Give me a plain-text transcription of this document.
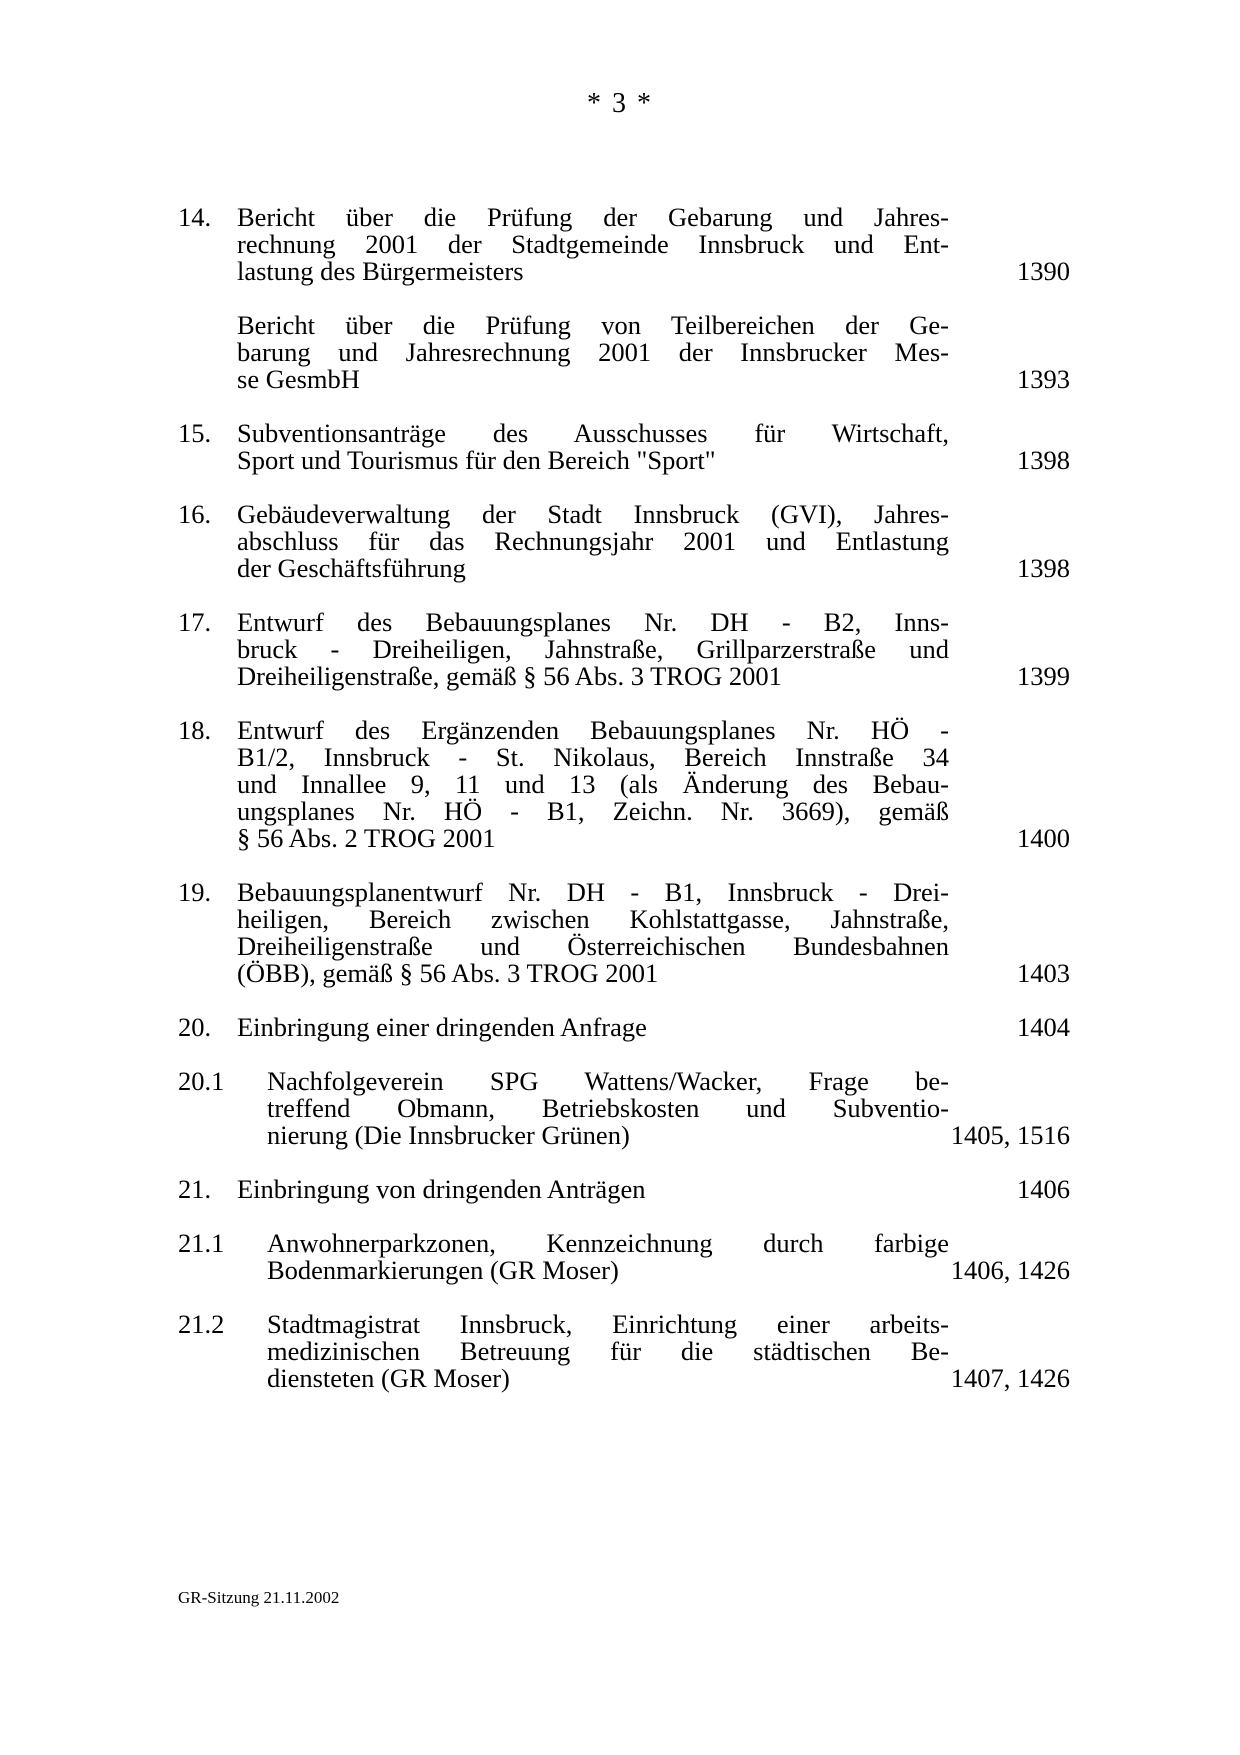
* 3 *
14. Bericht über die Prüfung der Gebarung und Jahres-
rechnung 2001 der Stadtgemeinde Innsbruck und Ent-
lastung des Bürgermeisters	1390
Bericht über die Prüfung von Teilbereichen der Ge-
barung und Jahresrechnung 2001 der Innsbrucker Mes-
se GesmbH	1393
15. Subventionsanträge des Ausschusses für Wirtschaft,
Sport und Tourismus für den Bereich "Sport"	1398
16. Gebäudeverwaltung der Stadt Innsbruck (GVI), Jahres-
abschluss für das Rechnungsjahr 2001 und Entlastung
der Geschäftsführung	1398
17. Entwurf des Bebauungsplanes Nr. DH - B2, Inns-
bruck - Dreiheiligen, Jahnstraße, Grillparzerstraße und
Dreiheiligenstraße, gemäß § 56 Abs. 3 TROG 2001	1399
18. Entwurf des Ergänzenden Bebauungsplanes Nr. HÖ -
B1/2, Innsbruck - St. Nikolaus, Bereich Innstraße 34
und Innallee 9, 11 und 13 (als Änderung des Bebau-
ungsplanes Nr. HÖ - B1, Zeichn. Nr. 3669), gemäß
§ 56 Abs. 2 TROG 2001	1400
19. Bebauungsplanentwurf Nr. DH - B1, Innsbruck - Drei-
heiligen, Bereich zwischen Kohlstattgasse, Jahnstraße,
Dreiheiligenstraße und Österreichischen Bundesbahnen
(ÖBB), gemäß § 56 Abs. 3 TROG 2001	1403
20. Einbringung einer dringenden Anfrage	1404
20.1 Nachfolgeverein SPG Wattens/Wacker, Frage be-
treffend Obmann, Betriebskosten und Subventio-
nierung (Die Innsbrucker Grünen)	1405, 1516
21. Einbringung von dringenden Anträgen	1406
21.1 Anwohnerparkzonen, Kennzeichnung durch farbige
Bodenmarkierungen (GR Moser)	1406, 1426
21.2 Stadtmagistrat Innsbruck, Einrichtung einer arbeits-
medizinischen Betreuung für die städtischen Be-
diensteten (GR Moser)	1407, 1426
GR-Sitzung 21.11.2002
